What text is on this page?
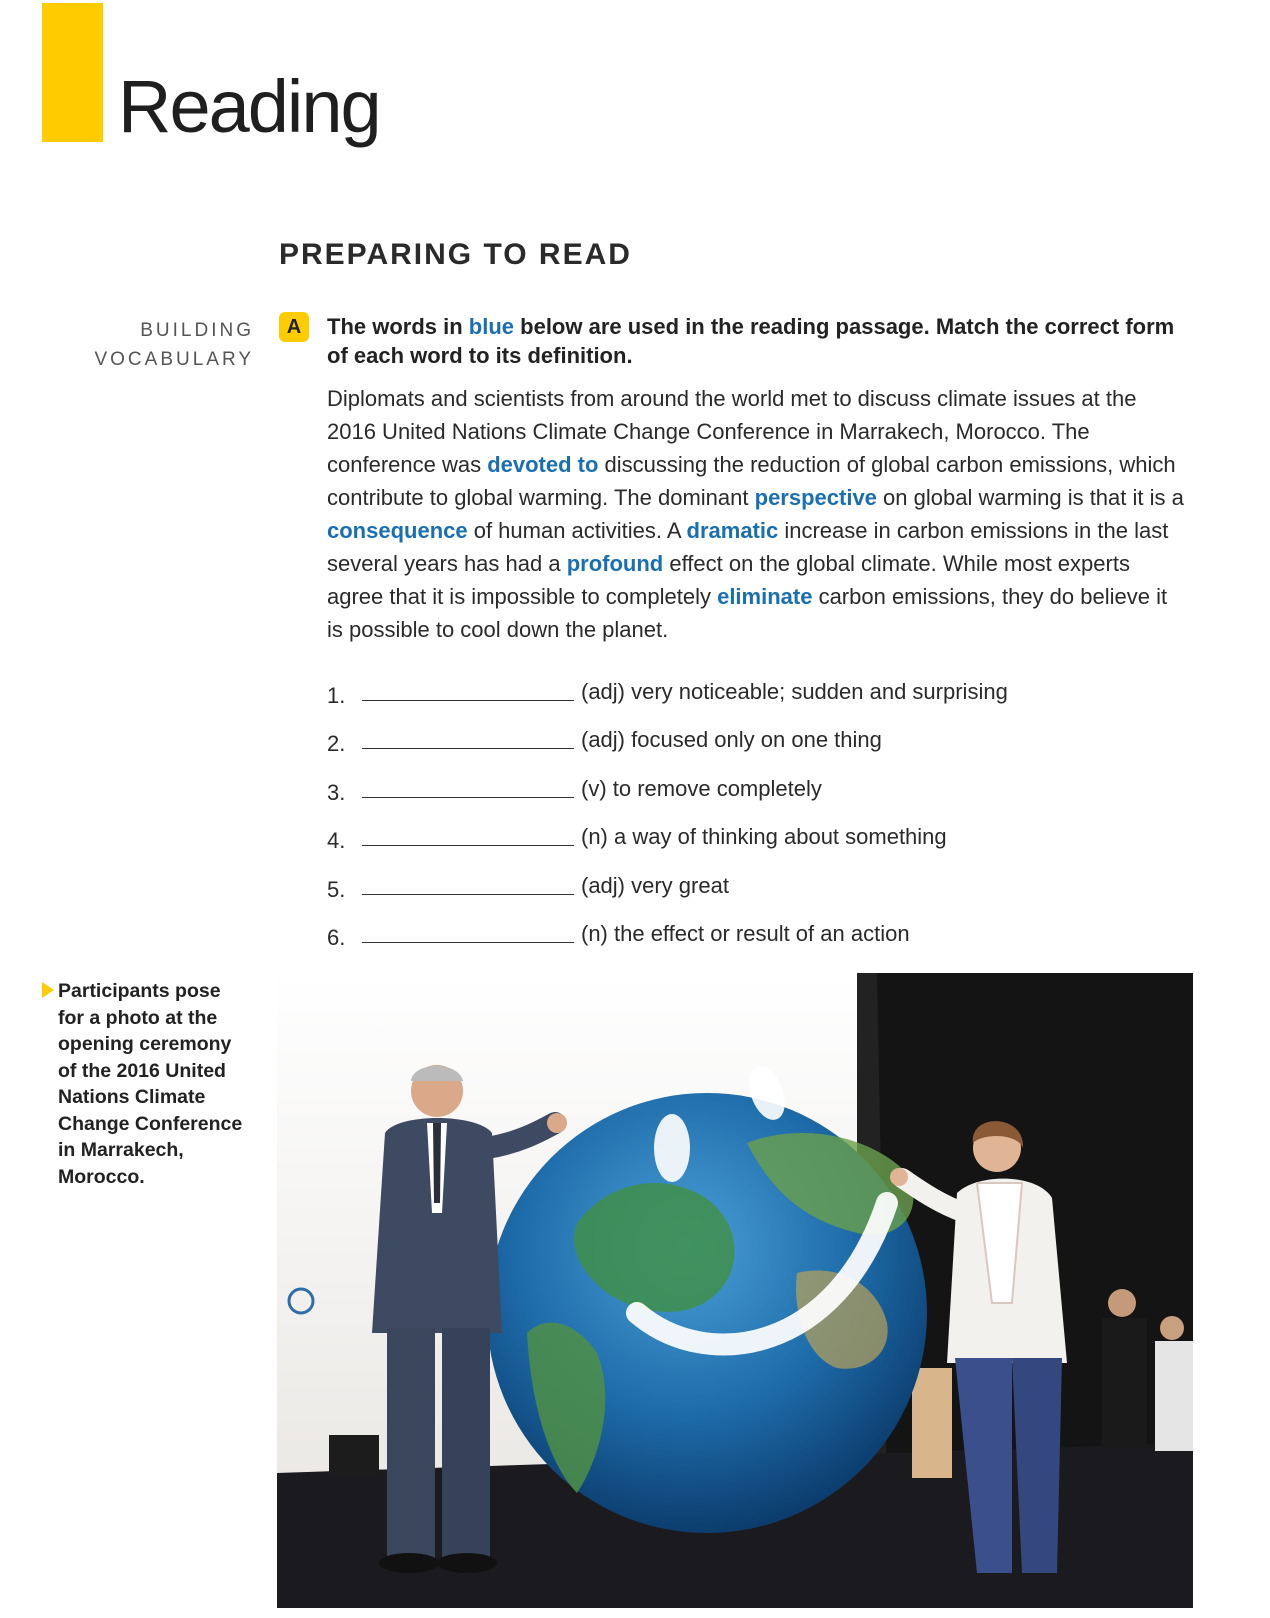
Reading
PREPARING TO READ
BUILDING
VOCABULARY
A	The words in blue below are used in the reading passage. Match the correct form of each word to its definition.
Diplomats and scientists from around the world met to discuss climate issues at the 2016 United Nations Climate Change Conference in Marrakech, Morocco. The conference was devoted to discussing the reduction of global carbon emissions, which contribute to global warming. The dominant perspective on global warming is that it is a consequence of human activities. A dramatic increase in carbon emissions in the last several years has had a profound effect on the global climate. While most experts agree that it is impossible to completely eliminate carbon emissions, they do believe it is possible to cool down the planet.
1.	(adj) very noticeable; sudden and surprising
2.	(adj) focused only on one thing
3.	(v) to remove completely
4.	(n) a way of thinking about something
5.	(adj) very great
6.	(n) the effect or result of an action
Participants pose for a photo at the opening ceremony of the 2016 United Nations Climate Change Conference in Marrakech, Morocco.
